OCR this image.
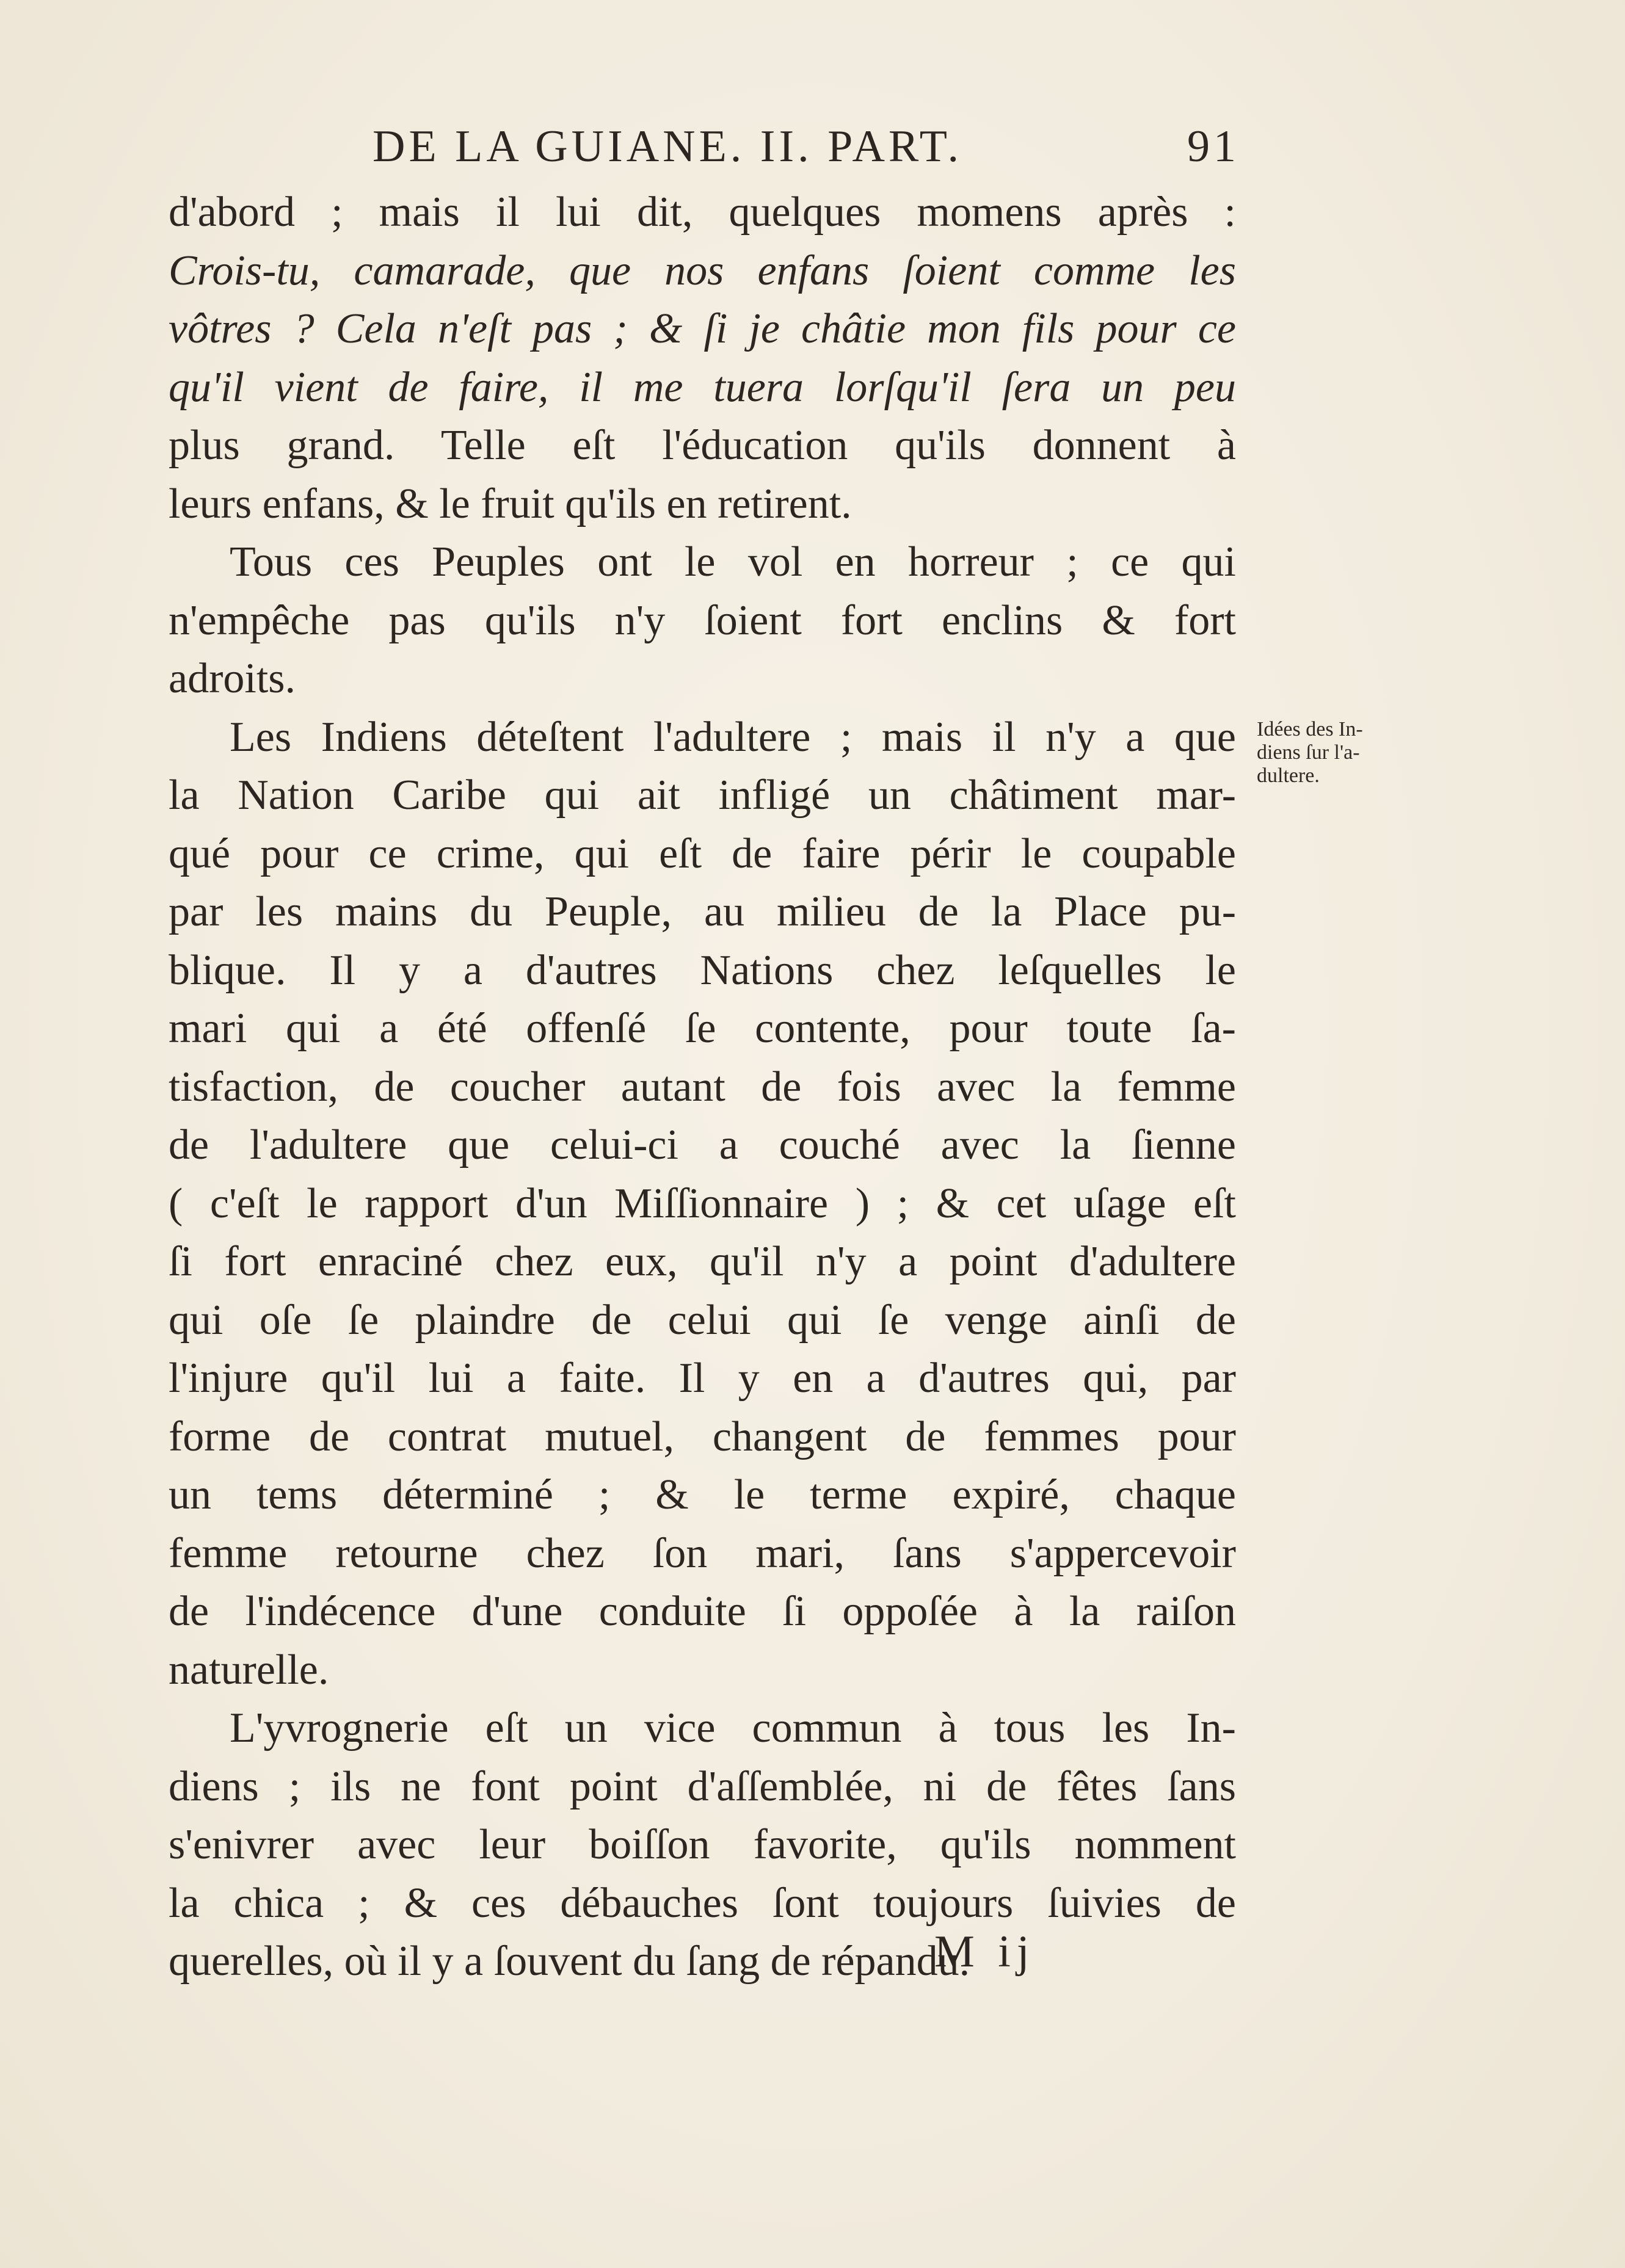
DE LA GUIANE. II. PART.	91
d'abord ; mais il lui dit, quelques momens après :
Crois-tu, camarade, que nos enfans ſoient comme les
vôtres ? Cela n'eſt pas ; & ſi je châtie mon fils pour ce
qu'il vient de faire, il me tuera lorſqu'il ſera un peu
plus grand. Telle eſt l'éducation qu'ils donnent à
leurs enfans, & le fruit qu'ils en retirent.
Tous ces Peuples ont le vol en horreur ; ce qui
n'empêche pas qu'ils n'y ſoient fort enclins & fort
adroits.
Les Indiens déteſtent l'adultere ; mais il n'y a que
la Nation Caribe qui ait infligé un châtiment mar-
qué pour ce crime, qui eſt de faire périr le coupable
par les mains du Peuple, au milieu de la Place pu-
blique. Il y a d'autres Nations chez leſquelles le
mari qui a été offenſé ſe contente, pour toute ſa-
tisfaction, de coucher autant de fois avec la femme
de l'adultere que celui-ci a couché avec la ſienne
( c'eſt le rapport d'un Miſſionnaire ) ; & cet uſage eſt
ſi fort enraciné chez eux, qu'il n'y a point d'adultere
qui oſe ſe plaindre de celui qui ſe venge ainſi de
l'injure qu'il lui a faite. Il y en a d'autres qui, par
forme de contrat mutuel, changent de femmes pour
un tems déterminé ; & le terme expiré, chaque
femme retourne chez ſon mari, ſans s'appercevoir
de l'indécence d'une conduite ſi oppoſée à la raiſon
naturelle.
L'yvrognerie eſt un vice commun à tous les In-
diens ; ils ne font point d'aſſemblée, ni de fêtes ſans
s'enivrer avec leur boiſſon favorite, qu'ils nomment
la chica ; & ces débauches ſont toujours ſuivies de
querelles, où il y a ſouvent du ſang de répandu.
Idées des In-
diens ſur l'a-
dultere.
M ij
